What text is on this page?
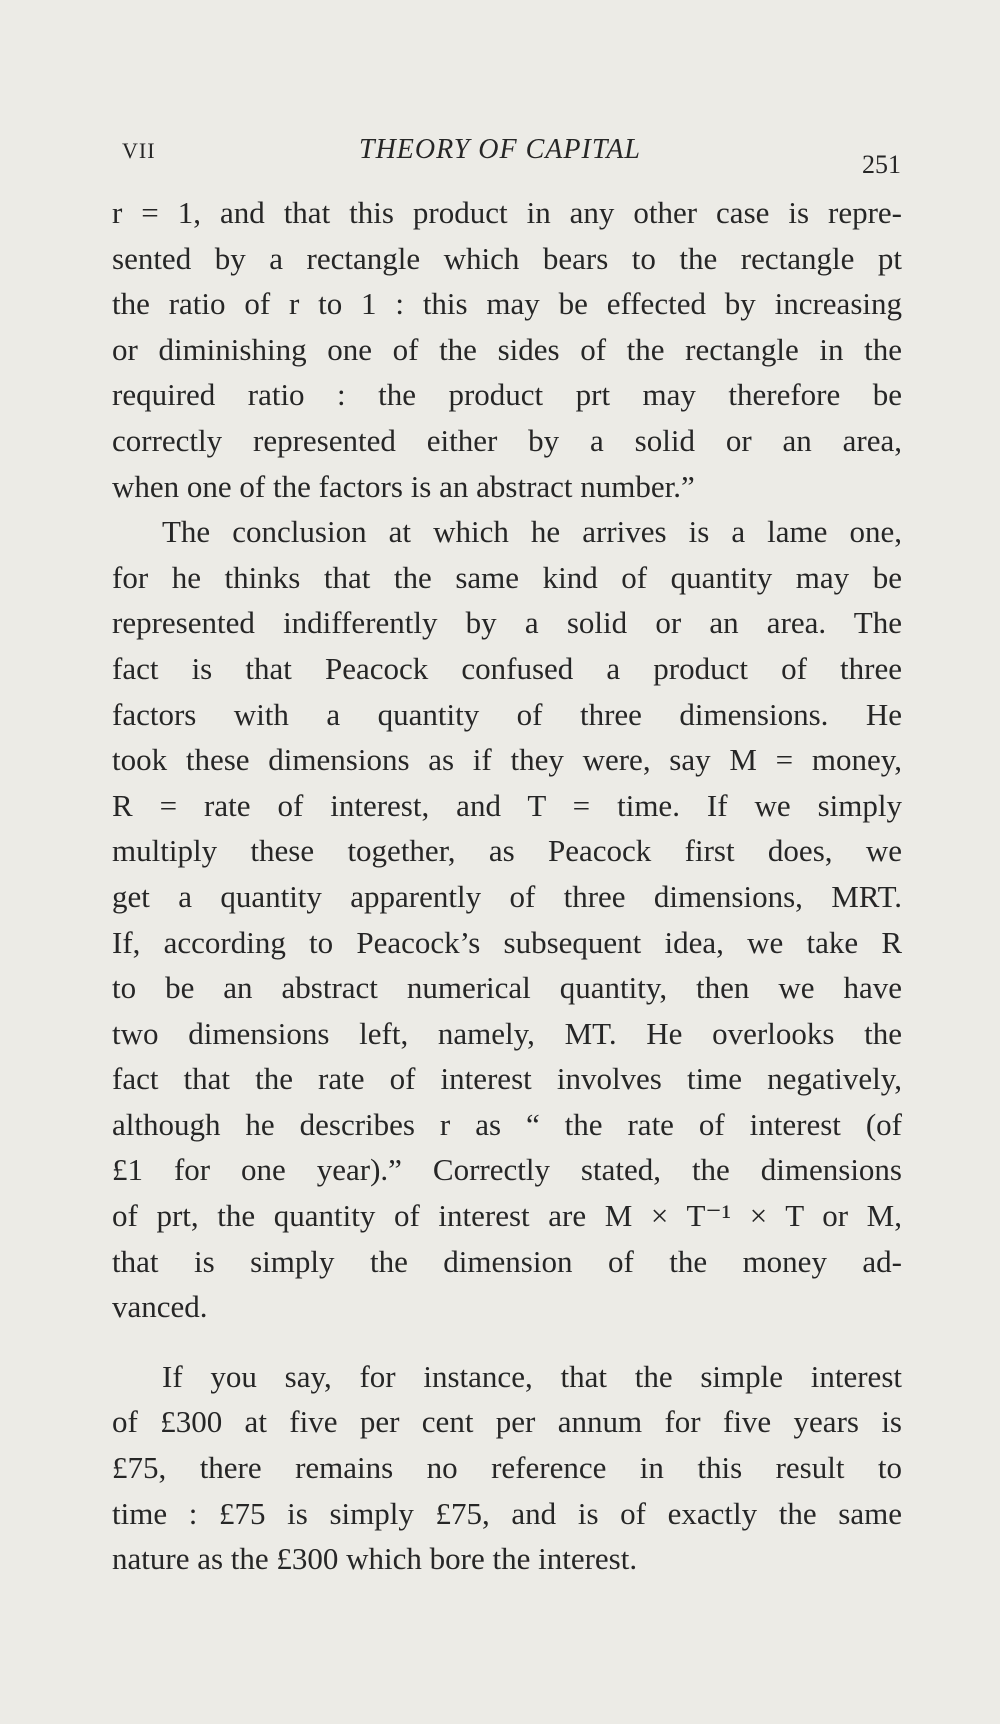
VII	THEORY OF CAPITAL	251
r = 1, and that this product in any other case is repre-
sented by a rectangle which bears to the rectangle pt
the ratio of r to 1 : this may be effected by increasing
or diminishing one of the sides of the rectangle in the
required ratio : the product prt may therefore be
correctly represented either by a solid or an area,
when one of the factors is an abstract number.”
The conclusion at which he arrives is a lame one,
for he thinks that the same kind of quantity may be
represented indifferently by a solid or an area. The
fact is that Peacock confused a product of three
factors with a quantity of three dimensions. He
took these dimensions as if they were, say M = money,
R = rate of interest, and T = time. If we simply
multiply these together, as Peacock first does, we
get a quantity apparently of three dimensions, MRT.
If, according to Peacock’s subsequent idea, we take R
to be an abstract numerical quantity, then we have
two dimensions left, namely, MT. He overlooks the
fact that the rate of interest involves time negatively,
although he describes r as “ the rate of interest (of
£1 for one year).” Correctly stated, the dimensions
of prt, the quantity of interest are M × T⁻¹ × T or M,
that is simply the dimension of the money ad-
vanced.
If you say, for instance, that the simple interest
of £300 at five per cent per annum for five years is
£75, there remains no reference in this result to
time : £75 is simply £75, and is of exactly the same
nature as the £300 which bore the interest.
